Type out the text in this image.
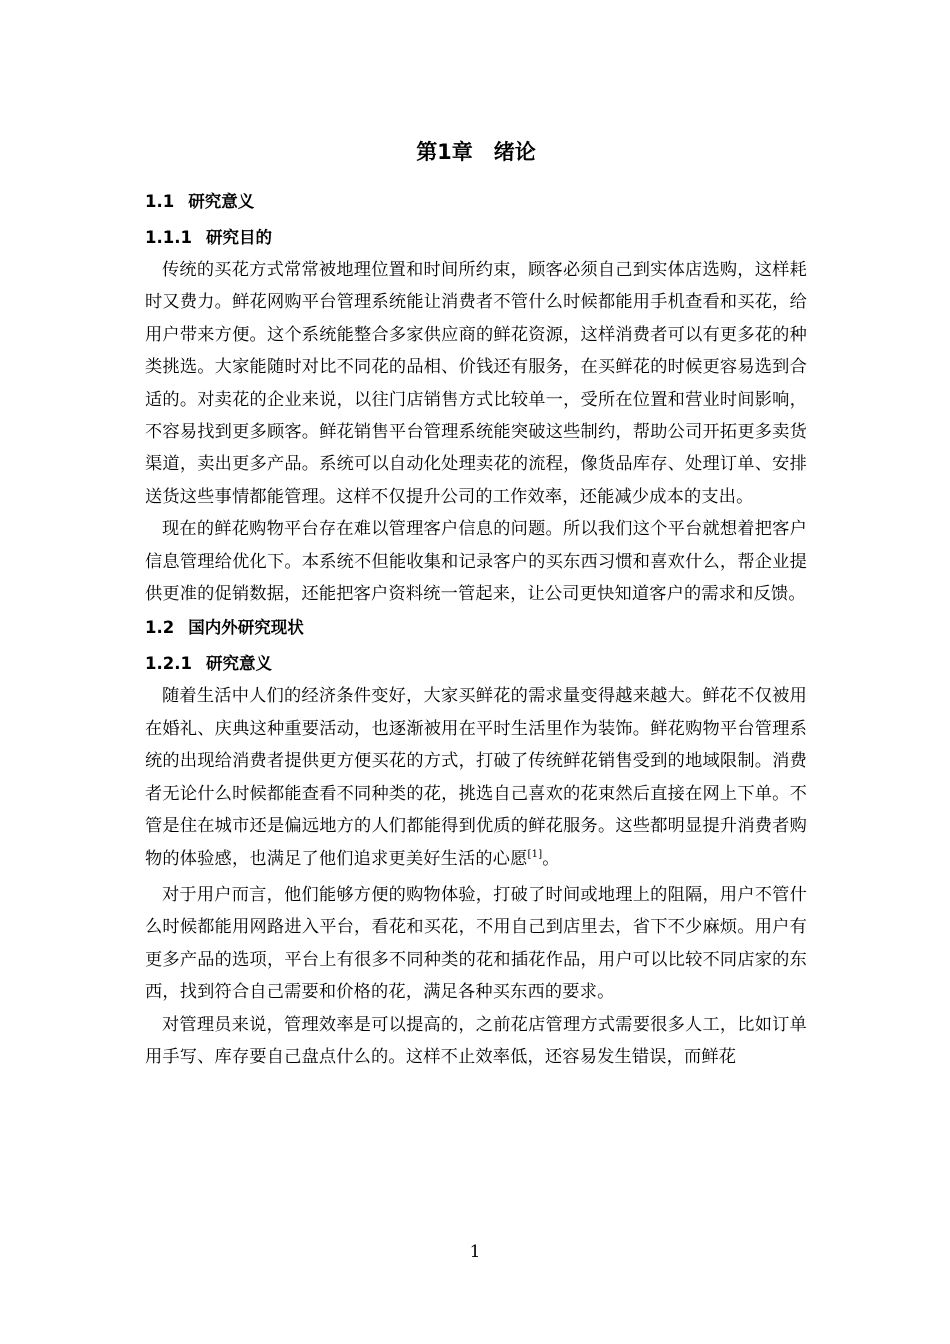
第1章　绪论
1.1 研究意义
1.1.1 研究目的

传统的买花方式常常被地理位置和时间所约束，顾客必须自己到实体店选购，这样耗时又费力。鲜花网购平台管理系统能让消费者不管什么时候都能用手机查看和买花，给用户带来方便。这个系统能整合多家供应商的鲜花资源，这样消费者可以有更多花的种类挑选。大家能随时对比不同花的品相、价钱还有服务，在买鲜花的时候更容易选到合适的。对卖花的企业来说，以往门店销售方式比较单一，受所在位置和营业时间影响，不容易找到更多顾客。鲜花销售平台管理系统能突破这些制约，帮助公司开拓更多卖货渠道，卖出更多产品。系统可以自动化处理卖花的流程，像货品库存、处理订单、安排送货这些事情都能管理。这样不仅提升公司的工作效率，还能减少成本的支出。

现在的鲜花购物平台存在难以管理客户信息的问题。所以我们这个平台就想着把客户信息管理给优化下。本系统不但能收集和记录客户的买东西习惯和喜欢什么，帮企业提供更准的促销数据，还能把客户资料统一管起来，让公司更快知道客户的需求和反馈。

1.2 国内外研究现状
1.2.1 研究意义

随着生活中人们的经济条件变好，大家买鲜花的需求量变得越来越大。鲜花不仅被用在婚礼、庆典这种重要活动，也逐渐被用在平时生活里作为装饰。鲜花购物平台管理系统的出现给消费者提供更方便买花的方式，打破了传统鲜花销售受到的地域限制。消费者无论什么时候都能查看不同种类的花，挑选自己喜欢的花束然后直接在网上下单。不管是住在城市还是偏远地方的人们都能得到优质的鲜花服务。这些都明显提升消费者购物的体验感，也满足了他们追求更美好生活的心愿[1]。

对于用户而言，他们能够方便的购物体验，打破了时间或地理上的阻隔，用户不管什么时候都能用网路进入平台，看花和买花，不用自己到店里去，省下不少麻烦。用户有更多产品的选项，平台上有很多不同种类的花和插花作品，用户可以比较不同店家的东西，找到符合自己需要和价格的花，满足各种买东西的要求。

对管理员来说，管理效率是可以提高的，之前花店管理方式需要很多人工，比如订单用手写、库存要自己盘点什么的。这样不止效率低，还容易发生错误，而鲜花

1
